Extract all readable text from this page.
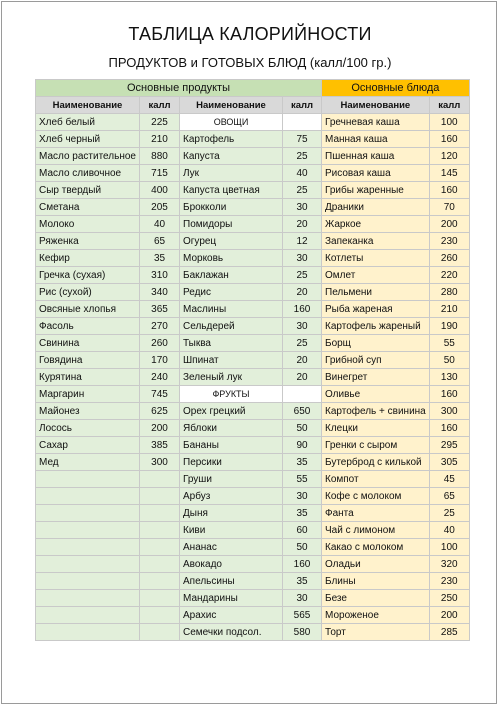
ТАБЛИЦА КАЛОРИЙНОСТИ
ПРОДУКТОВ и ГОТОВЫХ БЛЮД (калл/100 гр.)
Основные продукты				Основные блюда	
Наименование	калл	Наименование	калл	Наименование	калл
Хлеб белый	225	ОВОЩИ		Гречневая каша	100
Хлеб черный	210	Картофель	75	Манная каша	160
Масло растительное	880	Капуста	25	Пшенная каша	120
Масло сливочное	715	Лук	40	Рисовая каша	145
Сыр твердый	400	Капуста цветная	25	Грибы жаренные	160
Сметана	205	Брокколи	30	Драники	70
Молоко	40	Помидоры	20	Жаркое	200
Ряженка	65	Огурец	12	Запеканка	230
Кефир	35	Морковь	30	Котлеты	260
Гречка (сухая)	310	Баклажан	25	Омлет	220
Рис (сухой)	340	Редис	20	Пельмени	280
Овсяные хлопья	365	Маслины	160	Рыба жареная	210
Фасоль	270	Сельдерей	30	Картофель жареный	190
Свинина	260	Тыква	25	Борщ	55
Говядина	170	Шпинат	20	Грибной суп	50
Курятина	240	Зеленый лук	20	Винегрет	130
Маргарин	745	ФРУКТЫ		Оливье	160
Майонез	625	Орех грецкий	650	Картофель + свинина	300
Лосось	200	Яблоки	50	Клецки	160
Сахар	385	Бананы	90	Гренки с сыром	295
Мед	300	Персики	35	Бутерброд с килькой	305
		Груши	55	Компот	45
		Арбуз	30	Кофе с молоком	65
		Дыня	35	Фанта	25
		Киви	60	Чай с лимоном	40
		Ананас	50	Какао с молоком	100
		Авокадо	160	Оладьи	320
		Апельсины	35	Блины	230
		Мандарины	30	Безе	250
		Арахис	565	Мороженое	200
		Семечки подсол.	580	Торт	285
